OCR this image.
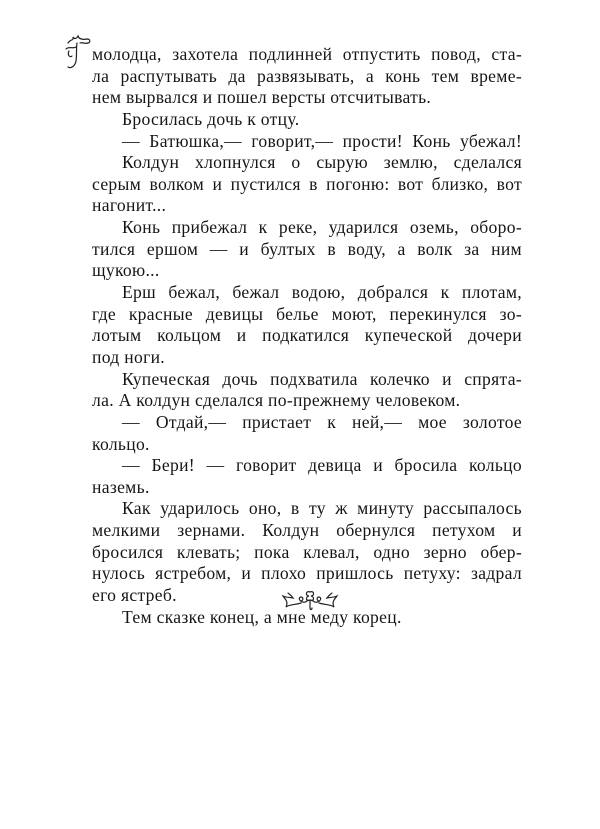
молодца, захотела подлинней отпустить повод, ста-
ла распутывать да развязывать, а конь тем време-
нем вырвался и пошел версты отсчитывать.
Бросилась дочь к отцу.
— Батюшка,— говорит,— прости! Конь убежал!
Колдун хлопнулся о сырую землю, сделался
серым волком и пустился в погоню: вот близко, вот
нагонит...
Конь прибежал к реке, ударился оземь, оборо-
тился ершом — и бултых в воду, а волк за ним
щукою...
Ерш бежал, бежал водою, добрался к плотам,
где красные девицы белье моют, перекинулся зо-
лотым кольцом и подкатился купеческой дочери
под ноги.
Купеческая дочь подхватила колечко и спрята-
ла. А колдун сделался по-прежнему человеком.
— Отдай,— пристает к ней,— мое золотое
кольцо.
— Бери! — говорит девица и бросила кольцо
наземь.
Как ударилось оно, в ту ж минуту рассыпалось
мелкими зернами. Колдун обернулся петухом и
бросился клевать; пока клевал, одно зерно обер-
нулось ястребом, и плохо пришлось петуху: задрал
его ястреб.
Тем сказке конец, а мне меду корец.
